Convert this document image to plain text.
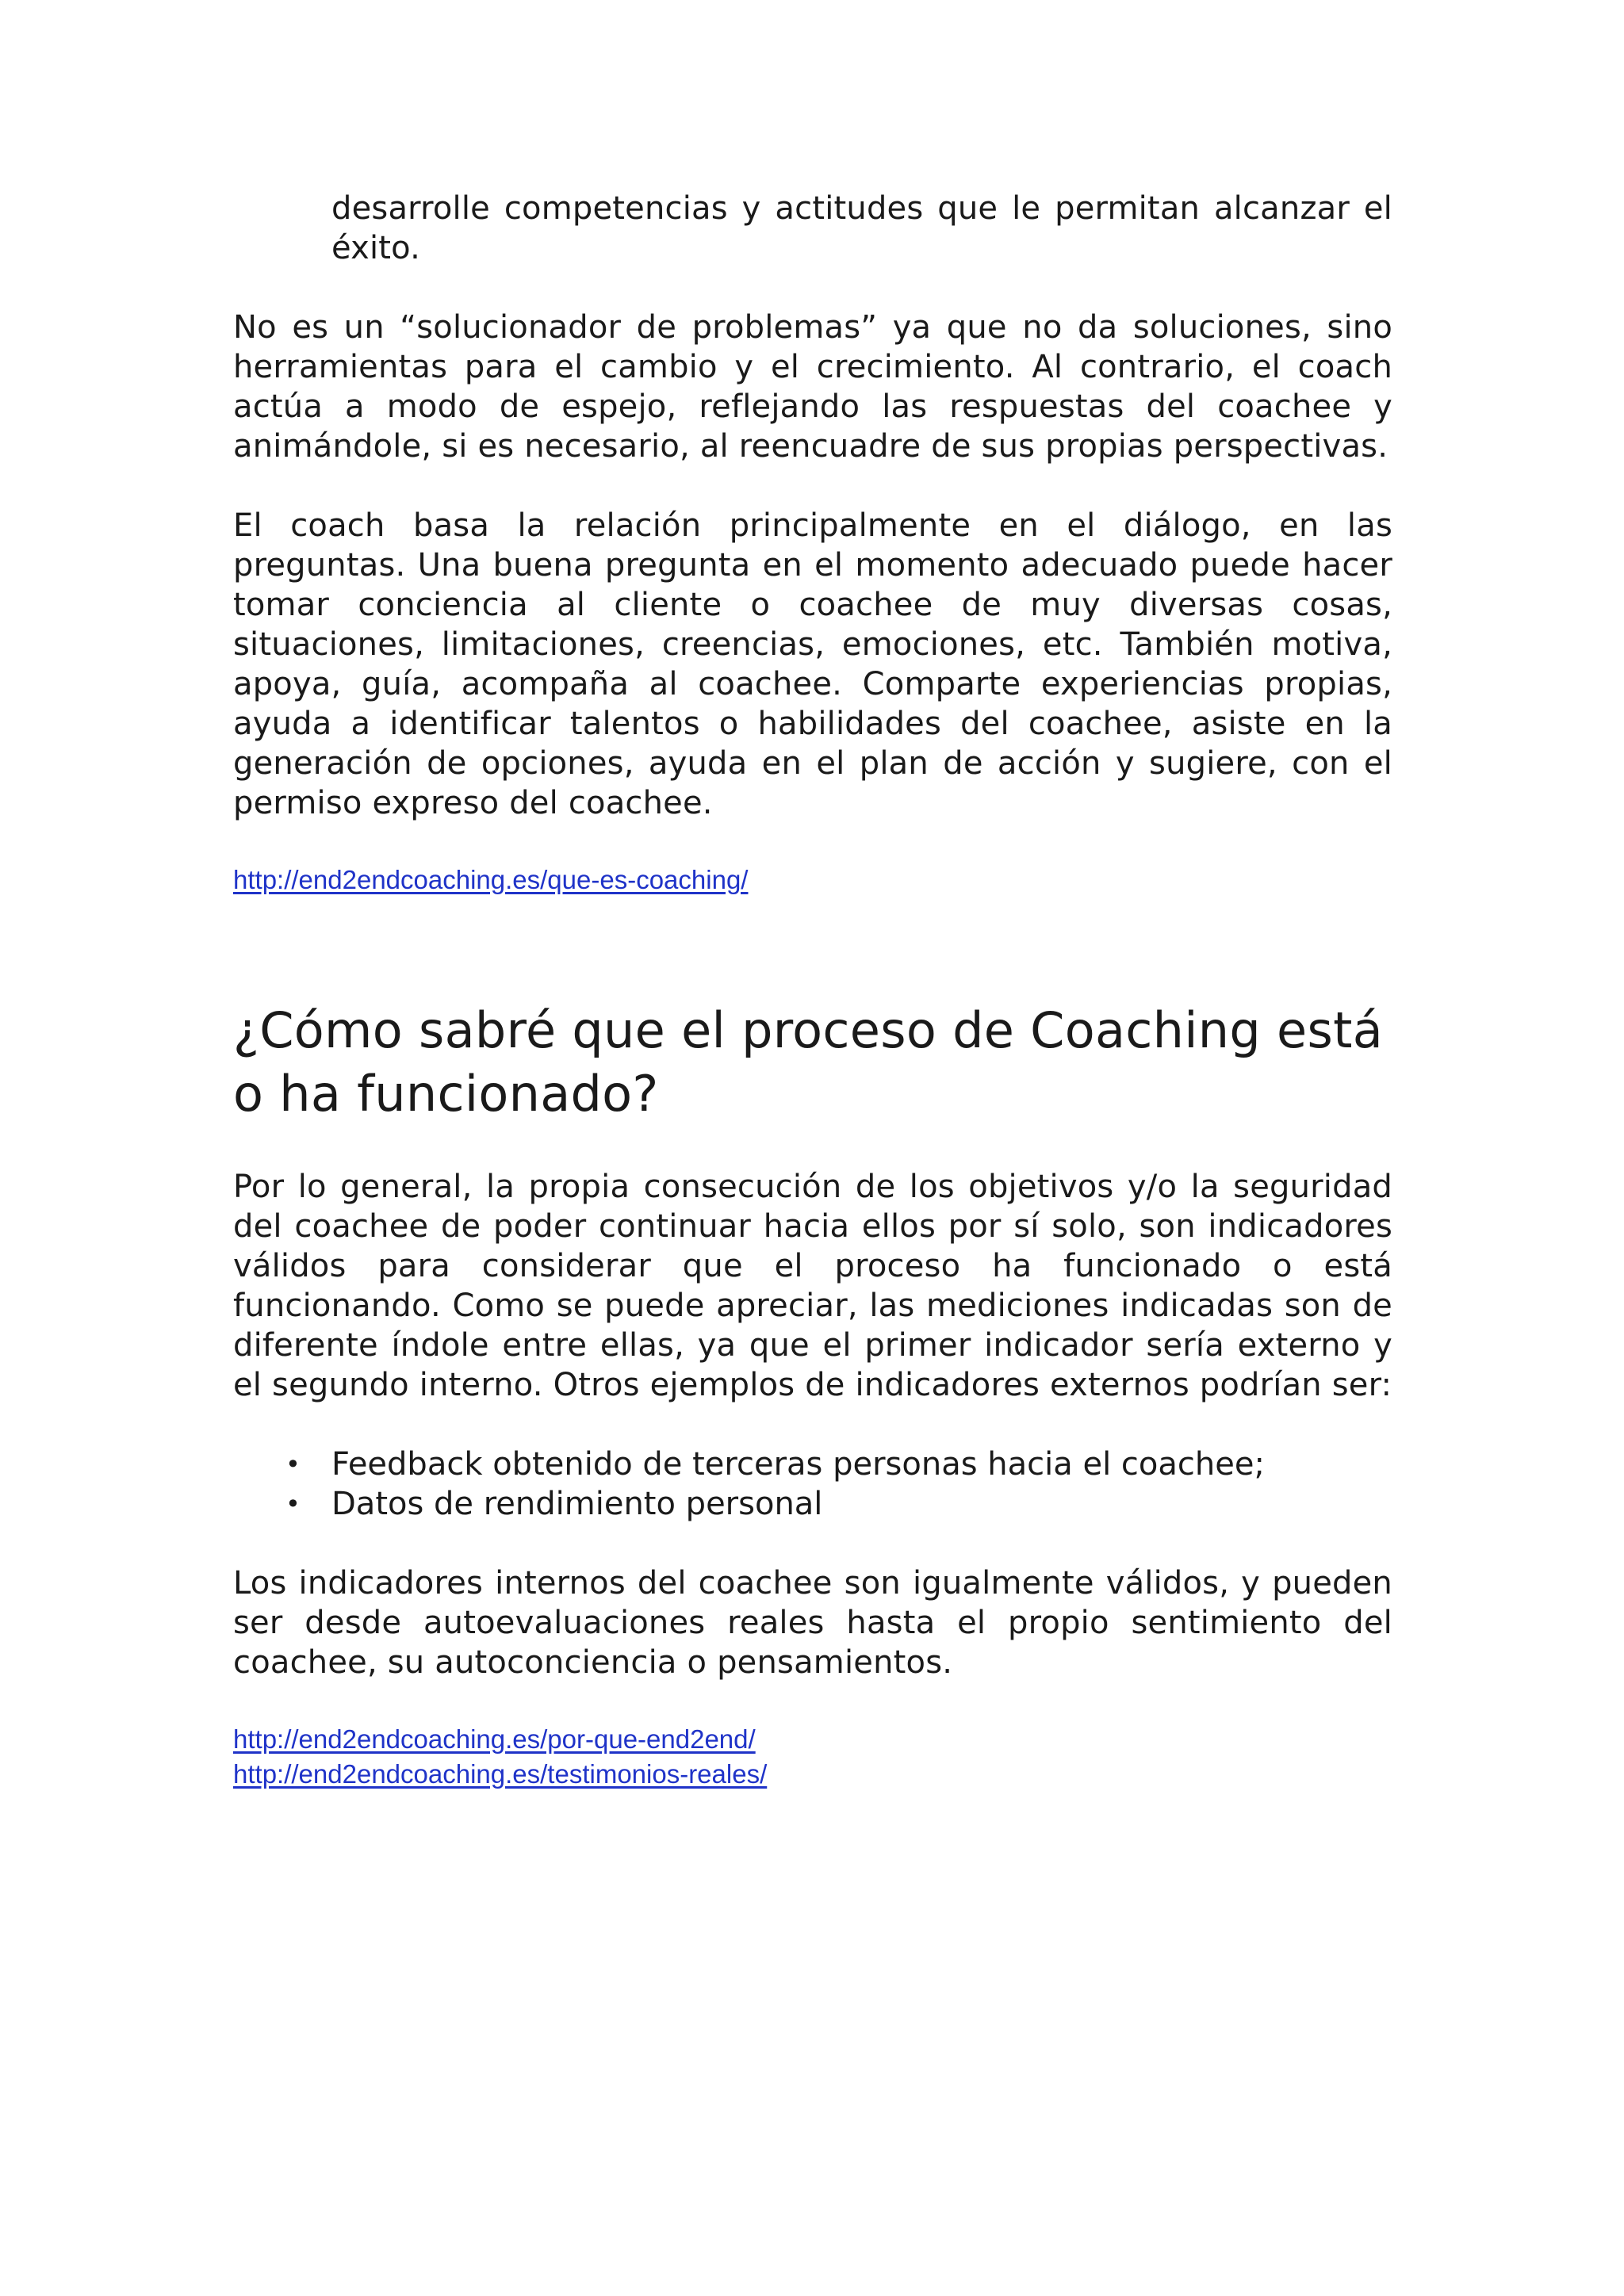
desarrolle competencias y actitudes que le permitan alcanzar el éxito.

No es un “solucionador de problemas” ya que no da soluciones, sino herramientas para el cambio y el crecimiento. Al contrario, el coach actúa a modo de espejo, reflejando las respuestas del coachee y animándole, si es necesario, al reencuadre de sus propias perspectivas.

El coach basa la relación principalmente en el diálogo, en las preguntas. Una buena pregunta en el momento adecuado puede hacer tomar conciencia al cliente o coachee de muy diversas cosas, situaciones, limitaciones, creencias, emociones, etc. También motiva, apoya, guía, acompaña al coachee. Comparte experiencias propias, ayuda a identificar talentos o habilidades del coachee, asiste en la generación de opciones, ayuda en el plan de acción y sugiere, con el permiso expreso del coachee.

http://end2endcoaching.es/que-es-coaching/
¿Cómo sabré que el proceso de Coaching está o ha funcionado?

Por lo general, la propia consecución de los objetivos y/o la seguridad del coachee de poder continuar hacia ellos por sí solo, son indicadores válidos para considerar que el proceso ha funcionado o está funcionando. Como se puede apreciar, las mediciones indicadas son de diferente índole entre ellas, ya que el primer indicador sería externo y el segundo interno. Otros ejemplos de indicadores externos podrían ser:

• Feedback obtenido de terceras personas hacia el coachee;
• Datos de rendimiento personal

Los indicadores internos del coachee son igualmente válidos, y pueden ser desde autoevaluaciones reales hasta el propio sentimiento del coachee, su autoconciencia o pensamientos.

http://end2endcoaching.es/por-que-end2end/
http://end2endcoaching.es/testimonios-reales/
